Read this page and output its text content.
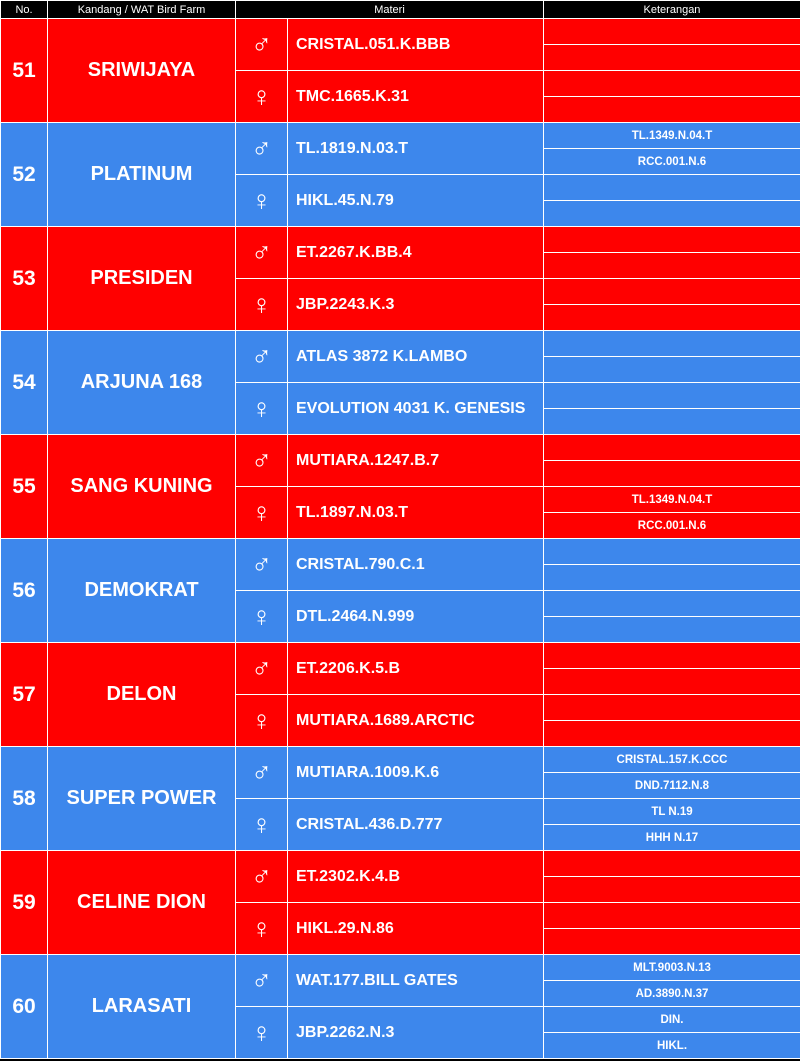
No.	Kandang / WAT Bird Farm	Materi		Keterangan
51	SRIWIJAYA	♂	CRISTAL.051.K.BBB	

		♀	TMC.1665.K.31	

52	PLATINUM	♂	TL.1819.N.03.T	TL.1349.N.04.T
				RCC.001.N.6
		♀	HIKL.45.N.79	

53	PRESIDEN	♂	ET.2267.K.BB.4	

		♀	JBP.2243.K.3	

54	ARJUNA 168	♂	ATLAS 3872 K.LAMBO	

		♀	EVOLUTION 4031 K. GENESIS	

55	SANG KUNING	♂	MUTIARA.1247.B.7	

		♀	TL.1897.N.03.T	TL.1349.N.04.T
				RCC.001.N.6
56	DEMOKRAT	♂	CRISTAL.790.C.1	

		♀	DTL.2464.N.999	

57	DELON	♂	ET.2206.K.5.B	

		♀	MUTIARA.1689.ARCTIC	

58	SUPER POWER	♂	MUTIARA.1009.K.6	CRISTAL.157.K.CCC
				DND.7112.N.8
		♀	CRISTAL.436.D.777	TL N.19
				HHH N.17
59	CELINE DION	♂	ET.2302.K.4.B	

		♀	HIKL.29.N.86	

60	LARASATI	♂	WAT.177.BILL GATES	MLT.9003.N.13
				AD.3890.N.37
		♀	JBP.2262.N.3	DIN.
				HIKL.
